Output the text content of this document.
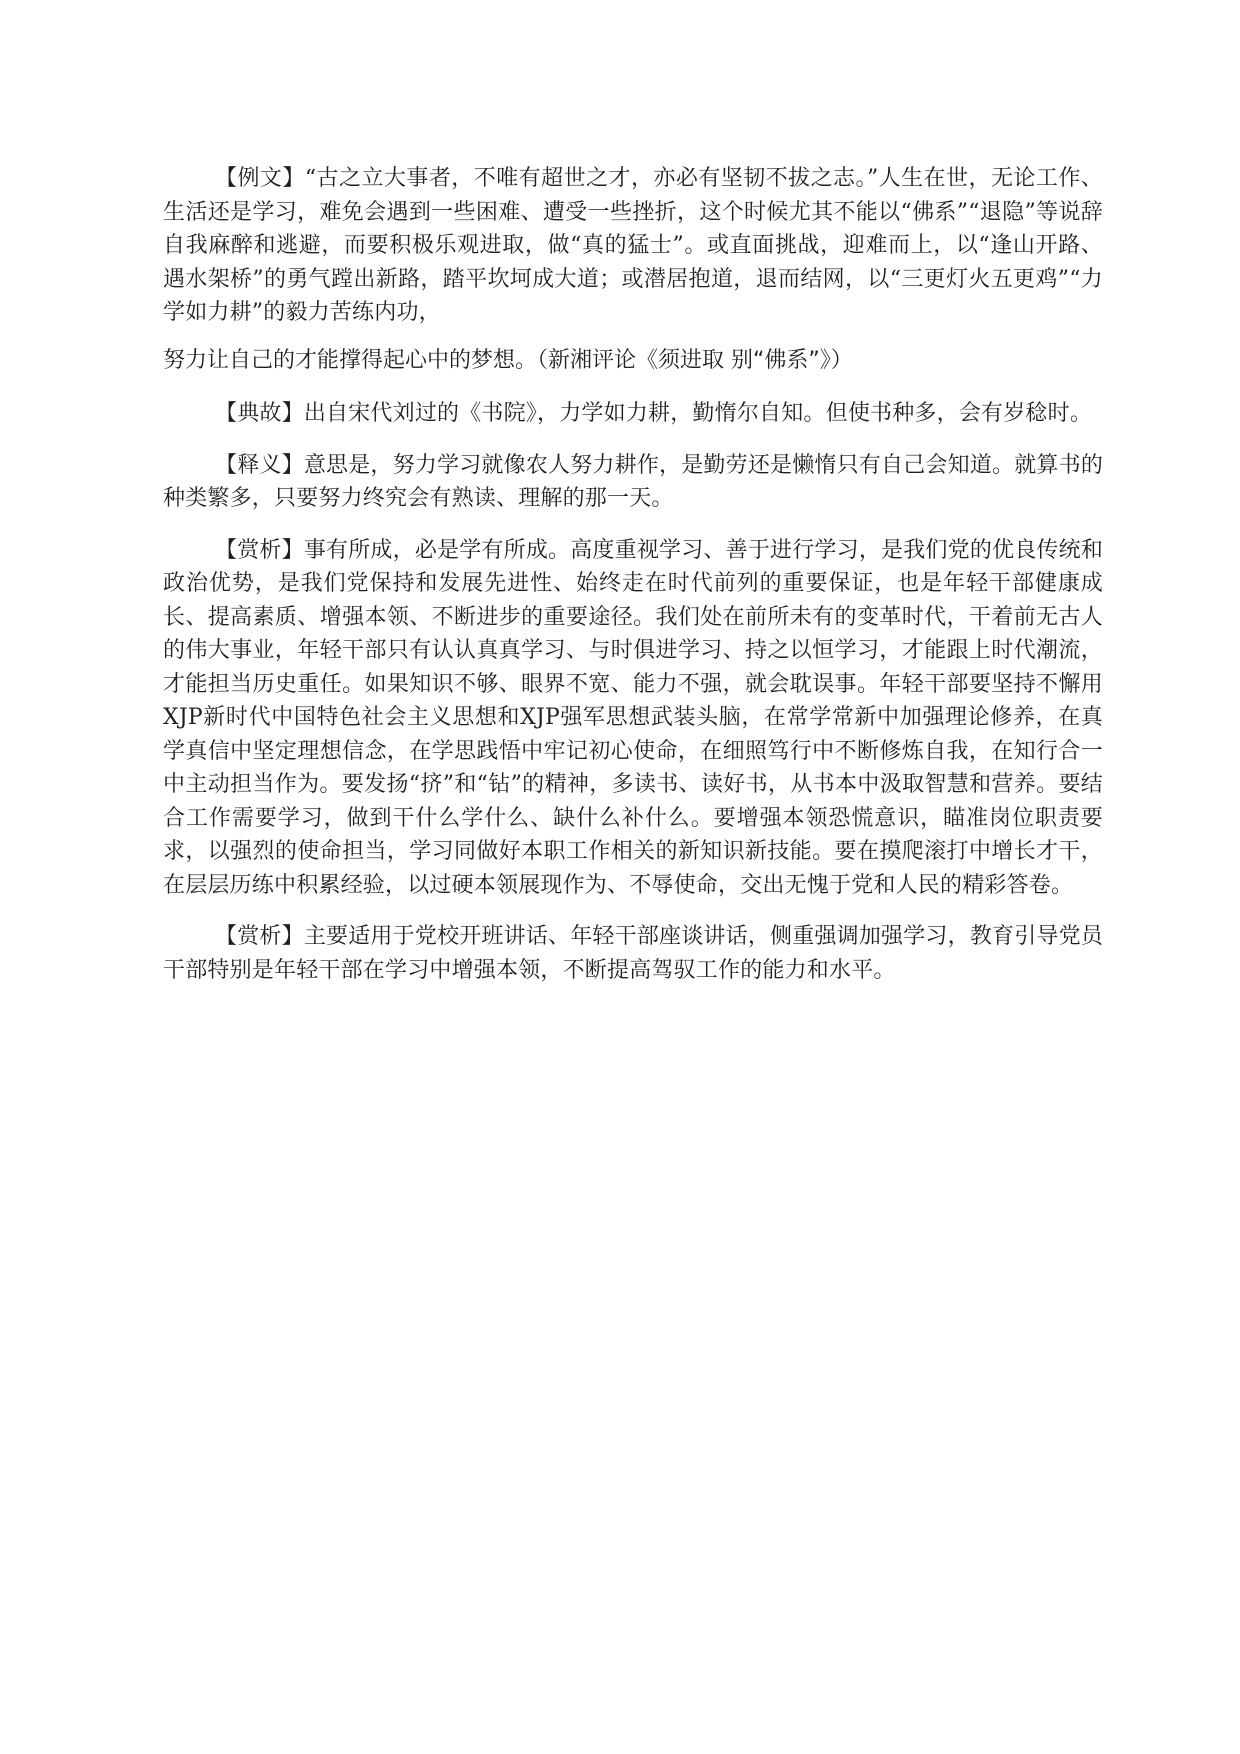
【例文】“古之立大事者，不唯有超世之才，亦必有坚韧不拔之志。”人生在世，无论工作、生活还是学习，难免会遇到一些困难、遭受一些挫折，这个时候尤其不能以“佛系”“退隐”等说辞自我麻醉和逃避，而要积极乐观进取，做“真的猛士”。或直面挑战，迎难而上，以“逢山开路、遇水架桥”的勇气蹚出新路，踏平坎坷成大道；或潜居抱道，退而结网，以“三更灯火五更鸡”“力学如力耕”的毅力苦练内功，

努力让自己的才能撑得起心中的梦想。（新湘评论《须进取 别“佛系”》）

【典故】出自宋代刘过的《书院》，力学如力耕，勤惰尔自知。但使书种多，会有岁稔时。

【释义】意思是，努力学习就像农人努力耕作，是勤劳还是懒惰只有自己会知道。就算书的种类繁多，只要努力终究会有熟读、理解的那一天。

【赏析】事有所成，必是学有所成。高度重视学习、善于进行学习，是我们党的优良传统和政治优势，是我们党保持和发展先进性、始终走在时代前列的重要保证，也是年轻干部健康成长、提高素质、增强本领、不断进步的重要途径。我们处在前所未有的变革时代，干着前无古人的伟大事业，年轻干部只有认认真真学习、与时俱进学习、持之以恒学习，才能跟上时代潮流，才能担当历史重任。如果知识不够、眼界不宽、能力不强，就会耽误事。年轻干部要坚持不懈用XJP新时代中国特色社会主义思想和XJP强军思想武装头脑，在常学常新中加强理论修养，在真学真信中坚定理想信念，在学思践悟中牢记初心使命，在细照笃行中不断修炼自我，在知行合一中主动担当作为。要发扬“挤”和“钻”的精神，多读书、读好书，从书本中汲取智慧和营养。要结合工作需要学习，做到干什么学什么、缺什么补什么。要增强本领恐慌意识，瞄准岗位职责要求，以强烈的使命担当，学习同做好本职工作相关的新知识新技能。要在摸爬滚打中增长才干，在层层历练中积累经验，以过硬本领展现作为、不辱使命，交出无愧于党和人民的精彩答卷。

【赏析】主要适用于党校开班讲话、年轻干部座谈讲话，侧重强调加强学习，教育引导党员干部特别是年轻干部在学习中增强本领，不断提高驾驭工作的能力和水平。
